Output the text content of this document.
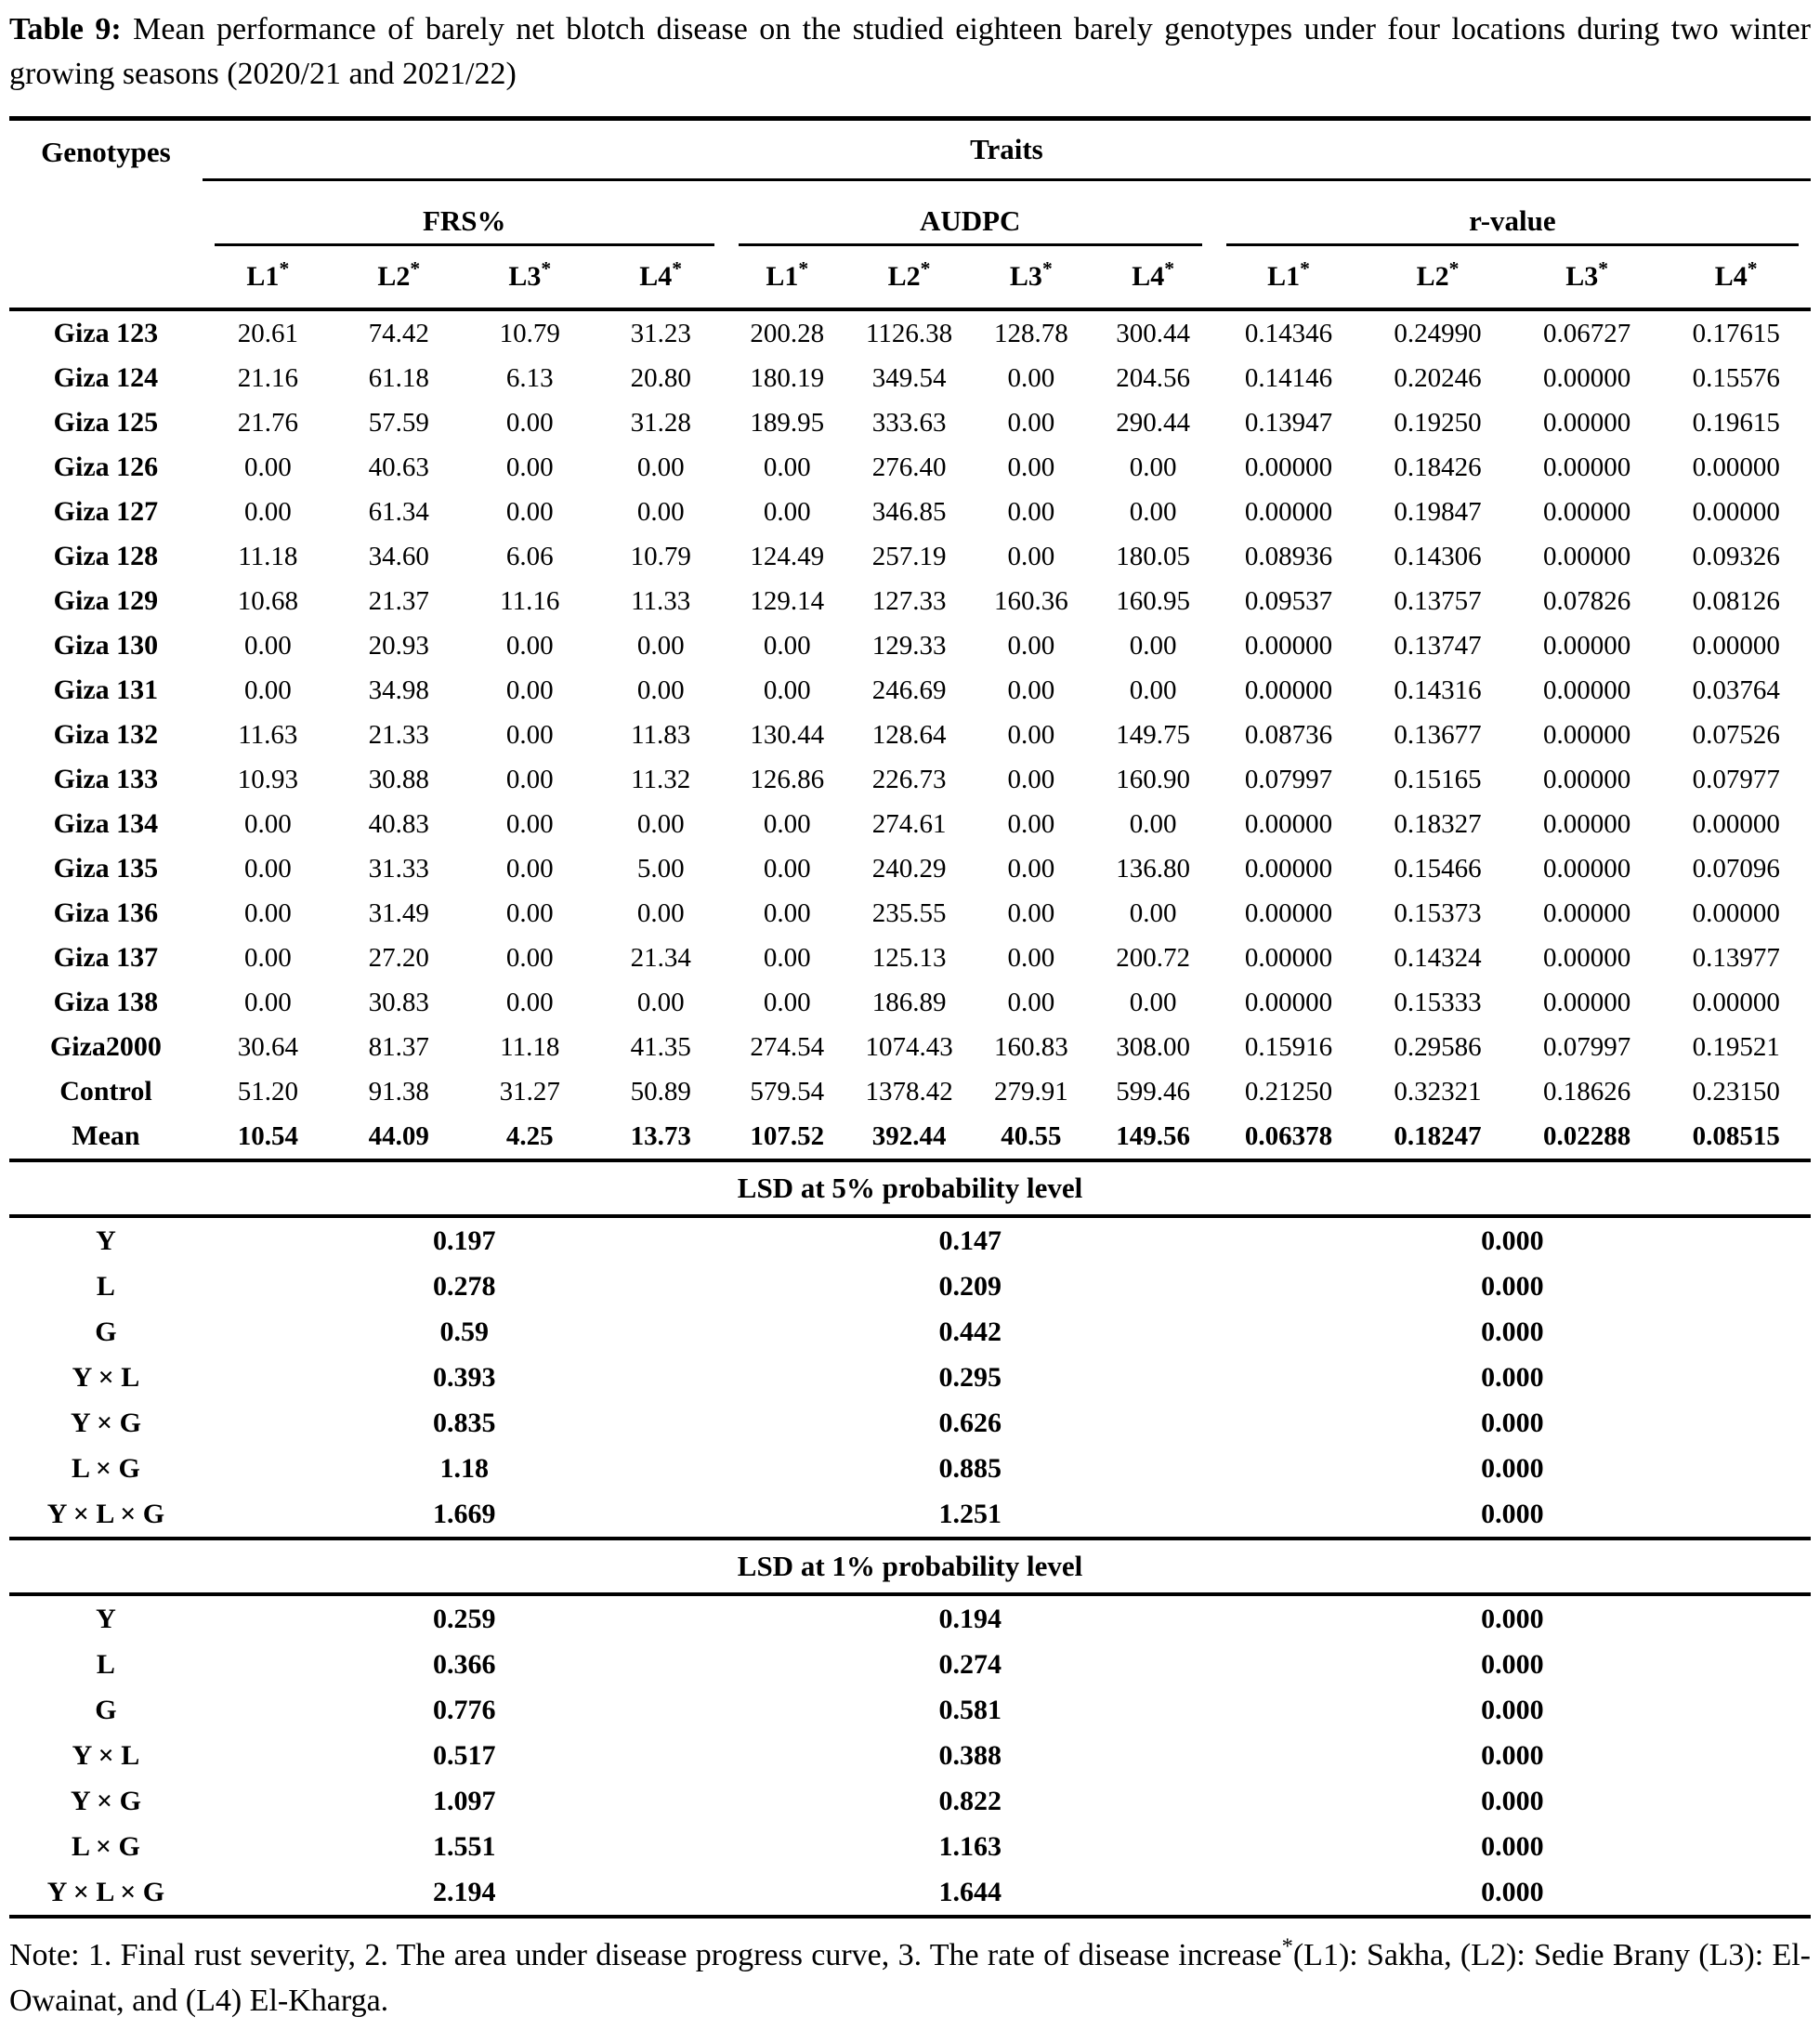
Table 9: Mean performance of barely net blotch disease on the studied eighteen barely genotypes under four locations during two winter growing seasons (2020/21 and 2021/22)
Genotypes	Traits											

	FRS%				AUDPC				r-value			

	L1*	L2*	L3*	L4*	L1*	L2*	L3*	L4*	L1*	L2*	L3*	L4*
Giza 123	20.61	74.42	10.79	31.23	200.28	1126.38	128.78	300.44	0.14346	0.24990	0.06727	0.17615
Giza 124	21.16	61.18	6.13	20.80	180.19	349.54	0.00	204.56	0.14146	0.20246	0.00000	0.15576
Giza 125	21.76	57.59	0.00	31.28	189.95	333.63	0.00	290.44	0.13947	0.19250	0.00000	0.19615
Giza 126	0.00	40.63	0.00	0.00	0.00	276.40	0.00	0.00	0.00000	0.18426	0.00000	0.00000
Giza 127	0.00	61.34	0.00	0.00	0.00	346.85	0.00	0.00	0.00000	0.19847	0.00000	0.00000
Giza 128	11.18	34.60	6.06	10.79	124.49	257.19	0.00	180.05	0.08936	0.14306	0.00000	0.09326
Giza 129	10.68	21.37	11.16	11.33	129.14	127.33	160.36	160.95	0.09537	0.13757	0.07826	0.08126
Giza 130	0.00	20.93	0.00	0.00	0.00	129.33	0.00	0.00	0.00000	0.13747	0.00000	0.00000
Giza 131	0.00	34.98	0.00	0.00	0.00	246.69	0.00	0.00	0.00000	0.14316	0.00000	0.03764
Giza 132	11.63	21.33	0.00	11.83	130.44	128.64	0.00	149.75	0.08736	0.13677	0.00000	0.07526
Giza 133	10.93	30.88	0.00	11.32	126.86	226.73	0.00	160.90	0.07997	0.15165	0.00000	0.07977
Giza 134	0.00	40.83	0.00	0.00	0.00	274.61	0.00	0.00	0.00000	0.18327	0.00000	0.00000
Giza 135	0.00	31.33	0.00	5.00	0.00	240.29	0.00	136.80	0.00000	0.15466	0.00000	0.07096
Giza 136	0.00	31.49	0.00	0.00	0.00	235.55	0.00	0.00	0.00000	0.15373	0.00000	0.00000
Giza 137	0.00	27.20	0.00	21.34	0.00	125.13	0.00	200.72	0.00000	0.14324	0.00000	0.13977
Giza 138	0.00	30.83	0.00	0.00	0.00	186.89	0.00	0.00	0.00000	0.15333	0.00000	0.00000
Giza2000	30.64	81.37	11.18	41.35	274.54	1074.43	160.83	308.00	0.15916	0.29586	0.07997	0.19521
Control	51.20	91.38	31.27	50.89	579.54	1378.42	279.91	599.46	0.21250	0.32321	0.18626	0.23150
Mean	10.54	44.09	4.25	13.73	107.52	392.44	40.55	149.56	0.06378	0.18247	0.02288	0.08515
LSD at 5% probability level												
Y	0.197				0.147				0.000			
L	0.278				0.209				0.000			
G	0.59				0.442				0.000			
Y × L	0.393				0.295				0.000			
Y × G	0.835				0.626				0.000			
L × G	1.18				0.885				0.000			
Y × L × G	1.669				1.251				0.000			
LSD at 1% probability level												
Y	0.259				0.194				0.000			
L	0.366				0.274				0.000			
G	0.776				0.581				0.000			
Y × L	0.517				0.388				0.000			
Y × G	1.097				0.822				0.000			
L × G	1.551				1.163				0.000			
Y × L × G	2.194				1.644				0.000			
Note: 1. Final rust severity, 2. The area under disease progress curve, 3. The rate of disease increase*(L1): Sakha, (L2): Sedie Brany (L3): El-Owainat, and (L4) El-Kharga.
